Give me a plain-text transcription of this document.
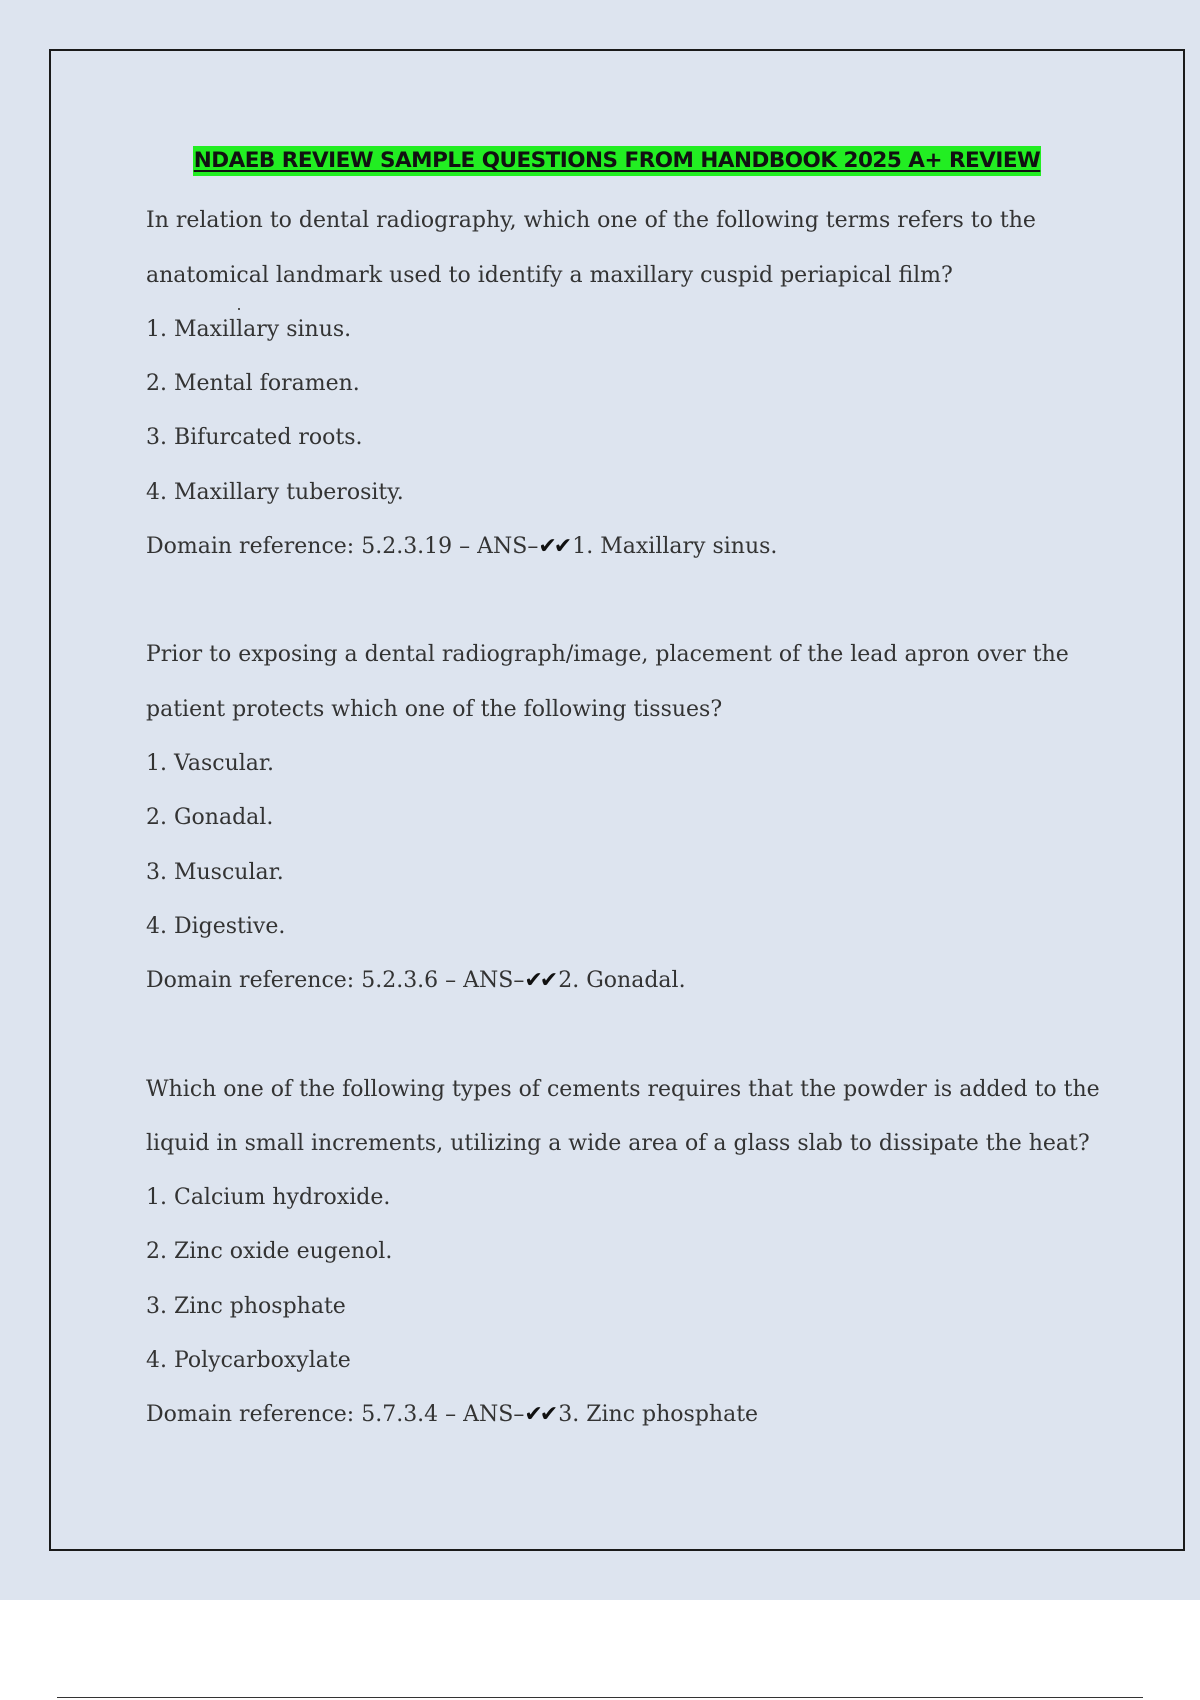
NDAEB REVIEW SAMPLE QUESTIONS FROM HANDBOOK 2025 A+ REVIEW
In relation to dental radiography, which one of the following terms refers to the
anatomical landmark used to identify a maxillary cuspid periapical film?
1. Maxillary sinus.
2. Mental foramen.
3. Bifurcated roots.
4. Maxillary tuberosity.
Domain reference: 5.2.3.19 – ANS–✔✔ 1. Maxillary sinus.
Prior to exposing a dental radiograph/image, placement of the lead apron over the
patient protects which one of the following tissues?
1. Vascular.
2. Gonadal.
3. Muscular.
4. Digestive.
Domain reference: 5.2.3.6 – ANS–✔✔ 2. Gonadal.
Which one of the following types of cements requires that the powder is added to the
liquid in small increments, utilizing a wide area of a glass slab to dissipate the heat?
1. Calcium hydroxide.
2. Zinc oxide eugenol.
3. Zinc phosphate
4. Polycarboxylate
Domain reference: 5.7.3.4 – ANS–✔✔ 3. Zinc phosphate
